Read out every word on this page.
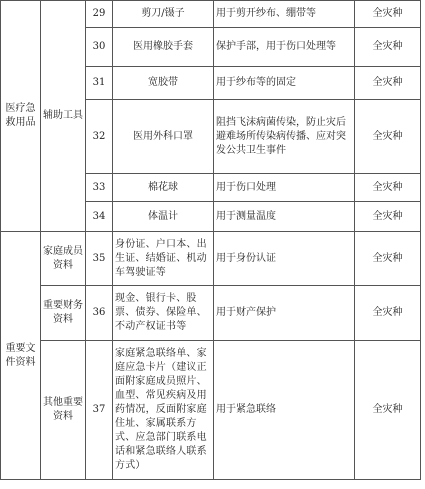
医疗急救用品	辅助工具	29	剪刀/镊子	用于剪开纱布、绷带等	全灾种
		30	医用橡胶手套	保护手部，用于伤口处理等	全灾种
		31	宽胶带	用于纱布等的固定	全灾种
		32	医用外科口罩	阻挡飞沫病菌传染，防止灾后避难场所传染病传播、应对突发公共卫生事件	全灾种
		33	棉花球	用于伤口处理	全灾种
		34	体温计	用于测量温度	全灾种
重要文件资料	家庭成员资料	35	身份证、户口本、出生证、结婚证、机动车驾驶证等	用于身份认证	全灾种
	重要财务资料	36	现金、银行卡、股票、债券、保险单、不动产权证书等	用于财产保护	全灾种
	其他重要资料	37	家庭紧急联络单、家庭应急卡片（建议正面附家庭成员照片、血型、常见疾病及用药情况，反面附家庭住址、家属联系方式、应急部门联系电话和紧急联络人联系方式）	用于紧急联络	全灾种
